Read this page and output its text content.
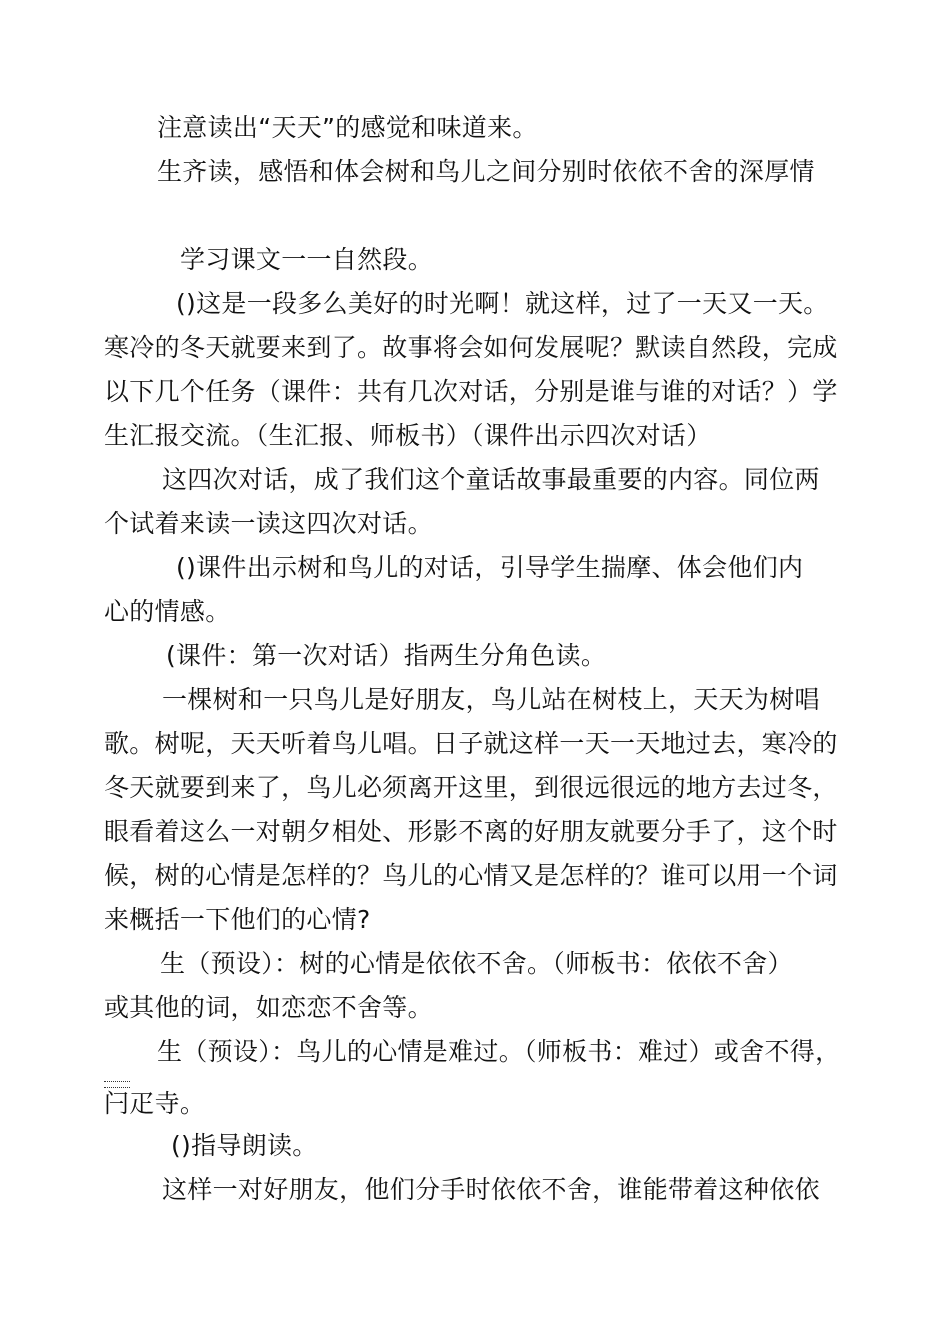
注意读出“天天”的感觉和味道来。
生齐读，感悟和体会树和鸟儿之间分别时依依不舍的深厚情
学习课文一一自然段。
()这是一段多么美好的时光啊！就这样，过了一天又一天。
寒冷的冬天就要来到了。故事将会如何发展呢？默读自然段，完成
以下几个任务（课件：共有几次对话，分别是谁与谁的对话？）学
生汇报交流。（生汇报、师板书）（课件出示四次对话）
这四次对话，成了我们这个童话故事最重要的内容。同位两
个试着来读一读这四次对话。
()课件出示树和鸟儿的对话，引导学生揣摩、体会他们内
心的情感。
(课件：第一次对话）指两生分角色读。
一棵树和一只鸟儿是好朋友，鸟儿站在树枝上，天天为树唱
歌。树呢，天天听着鸟儿唱。日子就这样一天一天地过去，寒冷的
冬天就要到来了，鸟儿必须离开这里，到很远很远的地方去过冬，
眼看着这么一对朝夕相处、形影不离的好朋友就要分手了，这个时
候，树的心情是怎样的？鸟儿的心情又是怎样的？谁可以用一个词
来概括一下他们的心情?
生（预设）：树的心情是依依不舍。（师板书：依依不舍）
或其他的词，如恋恋不舍等。
生（预设）：鸟儿的心情是难过。（师板书：难过）或舍不得，
闩疋寺。
()指导朗读。
这样一对好朋友，他们分手时依依不舍，谁能带着这种依依
